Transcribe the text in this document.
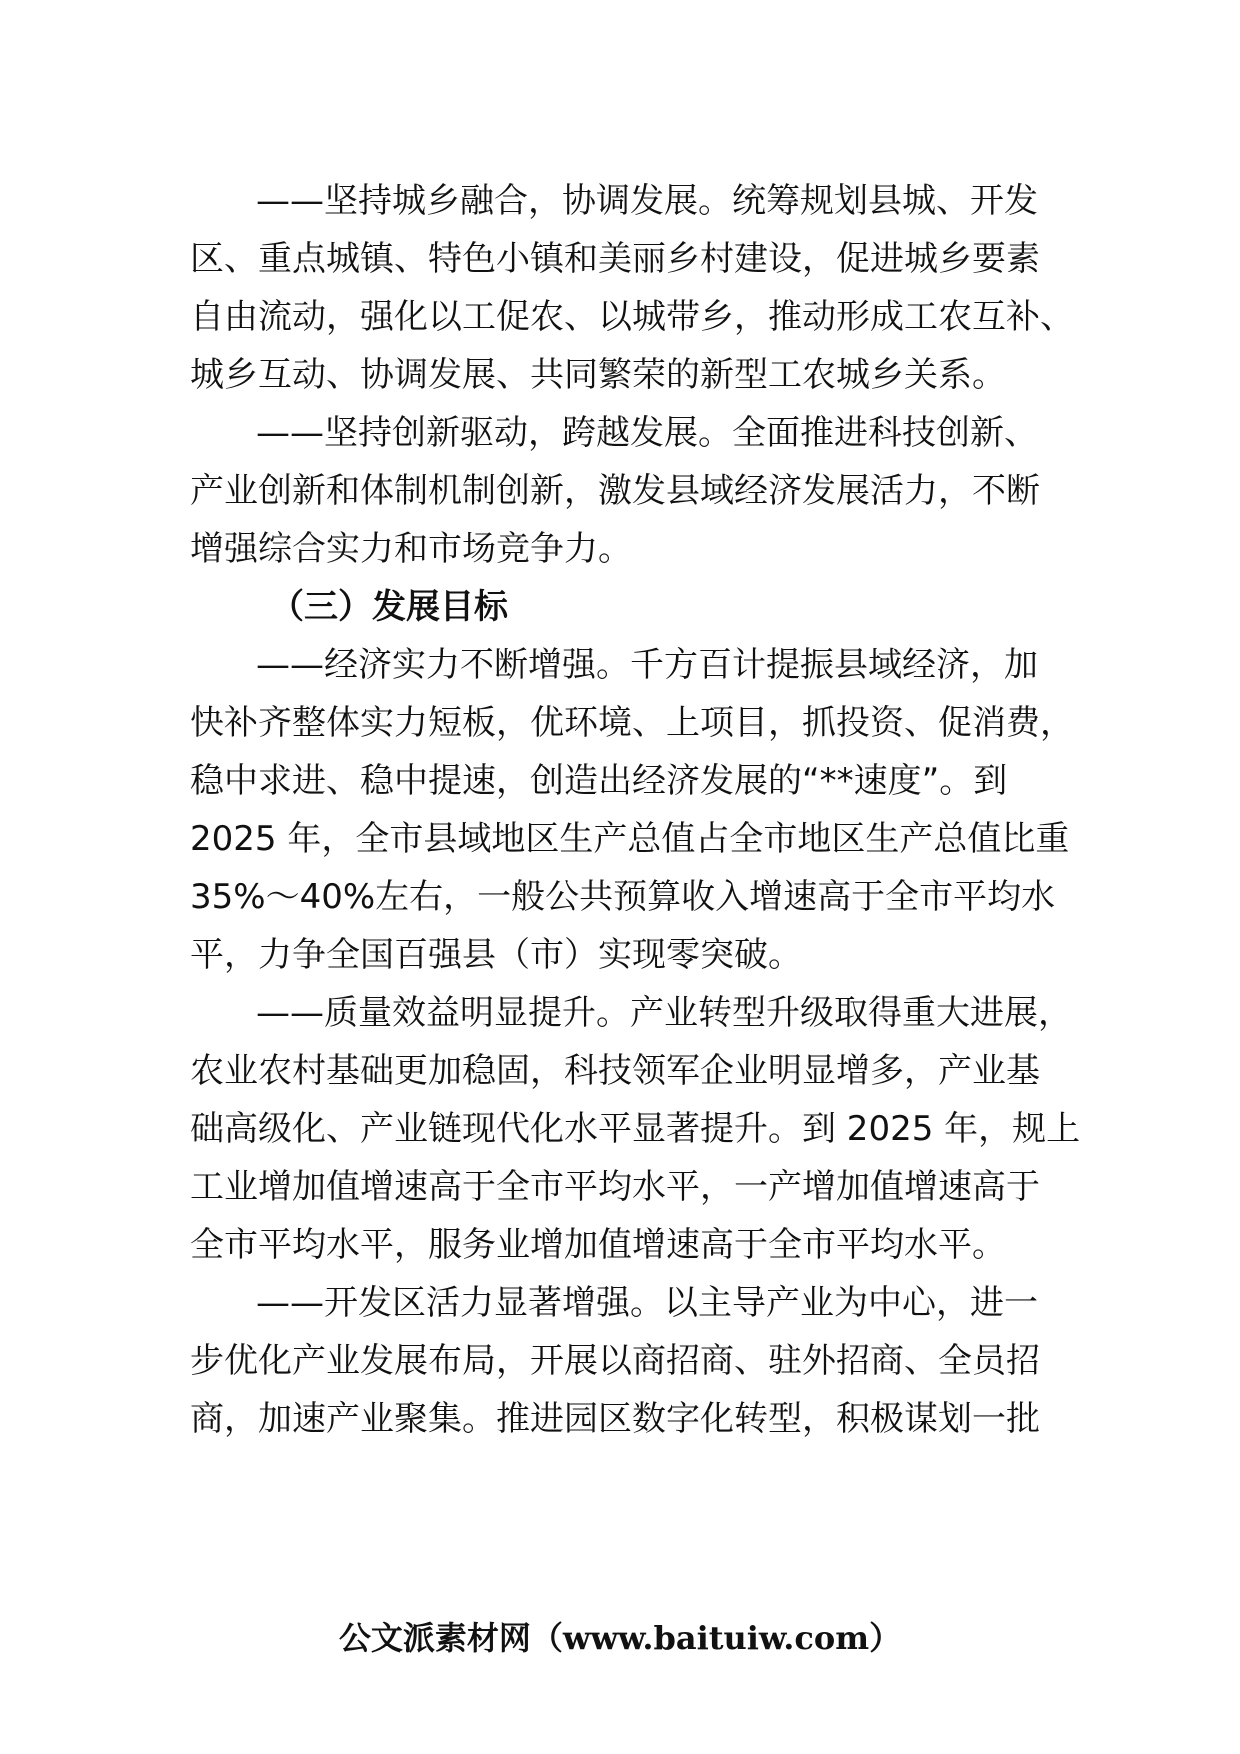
——坚持城乡融合，协调发展。统筹规划县城、开发
区、重点城镇、特色小镇和美丽乡村建设，促进城乡要素
自由流动，强化以工促农、以城带乡，推动形成工农互补、
城乡互动、协调发展、共同繁荣的新型工农城乡关系。
——坚持创新驱动，跨越发展。全面推进科技创新、
产业创新和体制机制创新，激发县域经济发展活力，不断
增强综合实力和市场竞争力。
（三）发展目标
——经济实力不断增强。千方百计提振县域经济，加
快补齐整体实力短板，优环境、上项目，抓投资、促消费，
稳中求进、稳中提速，创造出经济发展的“**速度”。到
2025 年，全市县域地区生产总值占全市地区生产总值比重
35%～40%左右，一般公共预算收入增速高于全市平均水
平，力争全国百强县（市）实现零突破。
——质量效益明显提升。产业转型升级取得重大进展，
农业农村基础更加稳固，科技领军企业明显增多，产业基
础高级化、产业链现代化水平显著提升。到 2025 年，规上
工业增加值增速高于全市平均水平，一产增加值增速高于
全市平均水平，服务业增加值增速高于全市平均水平。
——开发区活力显著增强。以主导产业为中心，进一
步优化产业发展布局，开展以商招商、驻外招商、全员招
商，加速产业聚集。推进园区数字化转型，积极谋划一批
公文派素材网（www.baituiw.com）
